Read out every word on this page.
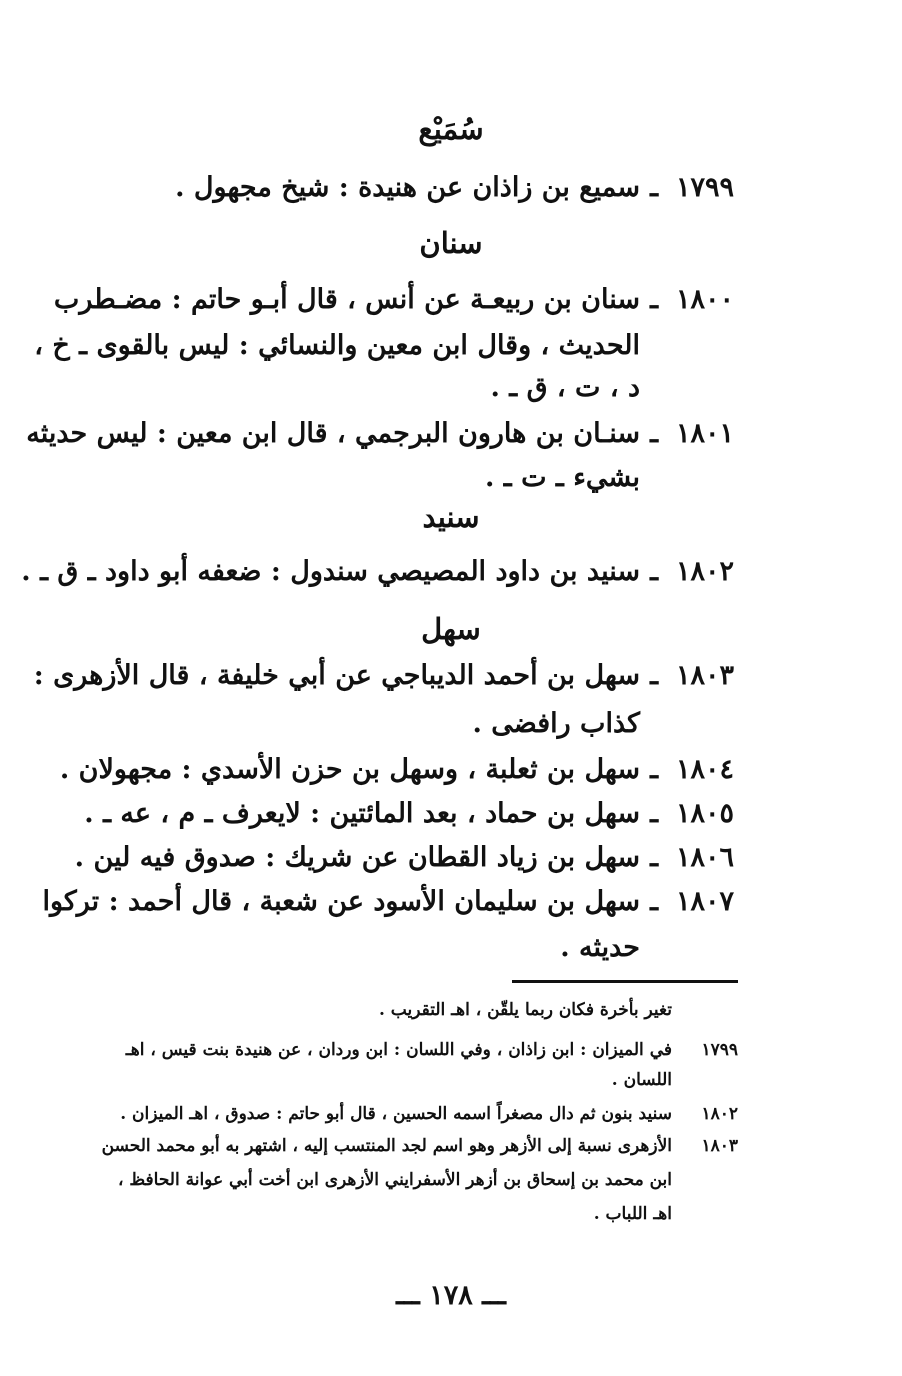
سُمَيْع
١٧٩٩
ـ
سميع بن زاذان عن هنيدة : شيخ مجهول .
سنان
١٨٠٠
ـ
سنان بن ربيعـة عن أنس ، قال أبـو حاتم : مضـطرب
الحديث ، وقال ابن معين والنسائي : ليس بالقوى ـ خ ،
د ، ت ، ق ـ .
١٨٠١
ـ
سنـان بن هارون البرجمي ، قال ابن معين : ليس حديثه
بشيء ـ ت ـ .
سنيد
١٨٠٢
ـ
سنيد بن داود المصيصي سندول : ضعفه أبو داود ـ ق ـ .
سهل
١٨٠٣
ـ
سهل بن أحمد الديباجي عن أبي خليفة ، قال الأزهرى :
كذاب رافضى .
١٨٠٤
ـ
سهل بن ثعلبة ، وسهل بن حزن الأسدي : مجهولان .
١٨٠٥
ـ
سهل بن حماد ، بعد المائتين : لايعرف ـ م ، عه ـ .
١٨٠٦
ـ
سهل بن زياد القطان عن شريك : صدوق فيه لين .
١٨٠٧
ـ
سهل بن سليمان الأسود عن شعبة ، قال أحمد : تركوا
حديثه .
تغير بأخرة فكان ربما يلقّن ، اهـ التقريب .
١٧٩٩
في الميزان : ابن زاذان ، وفي اللسان : ابن وردان ، عن هنيدة بنت قيس ، اهـ
اللسان .
١٨٠٢
سنيد بنون ثم دال مصغراً اسمه الحسين ، قال أبو حاتم : صدوق ، اهـ الميزان .
١٨٠٣
الأزهرى نسبة إلى الأزهر وهو اسم لجد المنتسب إليه ، اشتهر به أبو محمد الحسن
ابن محمد بن إسحاق بن أزهر الأسفرايني الأزهرى ابن أخت أبي عوانة الحافظ ،
اهـ اللباب .
ـــ ١٧٨ ـــ
